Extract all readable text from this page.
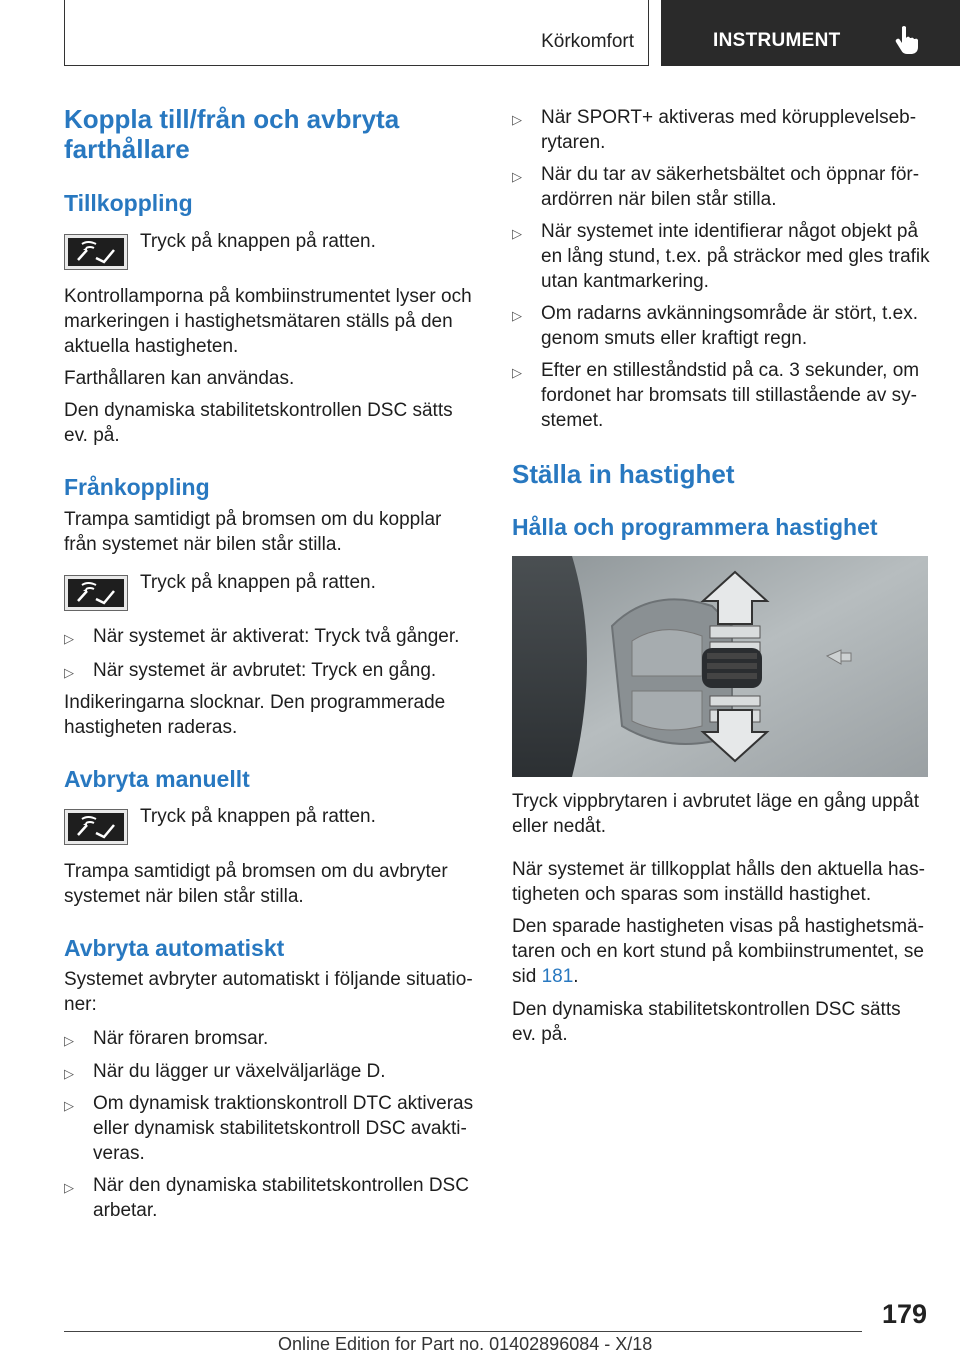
Körkomfort	INSTRUMENT
Koppla till/från och avbryta farthållare
Tillkoppling
Tryck på knappen på ratten.
Kontrollamporna på kombiinstrumentet lyser och markeringen i hastighetsmätaren ställs på den aktuella hastigheten.
Farthållaren kan användas.
Den dynamiska stabilitetskontrollen DSC sätts ev. på.
Frånkoppling
Trampa samtidigt på bromsen om du kopplar från systemet när bilen står stilla.
Tryck på knappen på ratten.
▷ När systemet är aktiverat: Tryck två gånger.
▷ När systemet är avbrutet: Tryck en gång.
Indikeringarna slocknar. Den programmerade hastigheten raderas.
Avbryta manuellt
Tryck på knappen på ratten.
Trampa samtidigt på bromsen om du avbryter systemet när bilen står stilla.
Avbryta automatiskt
Systemet avbryter automatiskt i följande situationer:
▷ När föraren bromsar.
▷ När du lägger ur växelväljarläge D.
▷ Om dynamisk traktionskontroll DTC aktiveras eller dynamisk stabilitetskontroll DSC avaktiveras.
▷ När den dynamiska stabilitetskontrollen DSC arbetar.
▷ När SPORT+ aktiveras med körupplevelsebrytaren.
▷ När du tar av säkerhetsbältet och öppnar förardörren när bilen står stilla.
▷ När systemet inte identifierar något objekt på en lång stund, t.ex. på sträckor med gles trafik utan kantmarkering.
▷ Om radarns avkänningsområde är stört, t.ex. genom smuts eller kraftigt regn.
▷ Efter en stilleståndstid på ca. 3 sekunder, om fordonet har bromsats till stillastående av systemet.
Ställa in hastighet
Hålla och programmera hastighet
Tryck vippbrytaren i avbrutet läge en gång uppåt eller nedåt.
När systemet är tillkopplat hålls den aktuella hastigheten och sparas som inställd hastighet.
Den sparade hastigheten visas på hastighetsmätaren och en kort stund på kombiinstrumentet, se sid 181.
Den dynamiska stabilitetskontrollen DSC sätts ev. på.
179
Online Edition for Part no. 01402896084 - X/18
